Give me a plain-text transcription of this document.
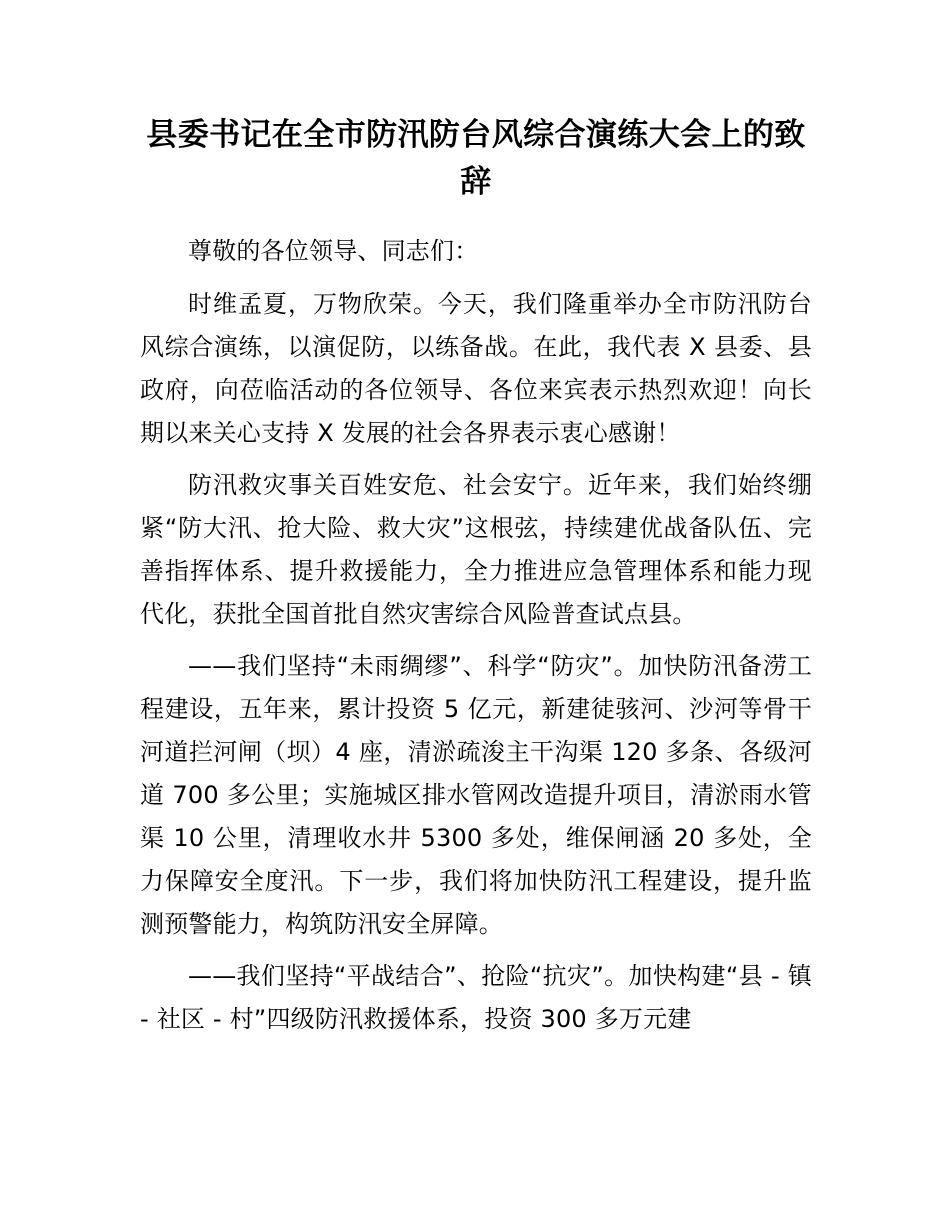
县委书记在全市防汛防台风综合演练大会上的致辞

尊敬的各位领导、同志们：

时维孟夏，万物欣荣。今天，我们隆重举办全市防汛防台风综合演练，以演促防，以练备战。在此，我代表 X 县委、县政府，向莅临活动的各位领导、各位来宾表示热烈欢迎！向长期以来关心支持 X 发展的社会各界表示衷心感谢！

防汛救灾事关百姓安危、社会安宁。近年来，我们始终绷紧“防大汛、抢大险、救大灾”这根弦，持续建优战备队伍、完善指挥体系、提升救援能力，全力推进应急管理体系和能力现代化，获批全国首批自然灾害综合风险普查试点县。

——我们坚持“未雨绸缪”、科学“防灾”。加快防汛备涝工程建设，五年来，累计投资 5 亿元，新建徒骇河、沙河等骨干河道拦河闸（坝）4 座，清淤疏浚主干沟渠 120 多条、各级河道 700 多公里；实施城区排水管网改造提升项目，清淤雨水管渠 10 公里，清理收水井 5300 多处，维保闸涵 20 多处，全力保障安全度汛。下一步，我们将加快防汛工程建设，提升监测预警能力，构筑防汛安全屏障。

——我们坚持“平战结合”、抢险“抗灾”。加快构建“县 - 镇 - 社区 - 村”四级防汛救援体系，投资 300 多万元建
